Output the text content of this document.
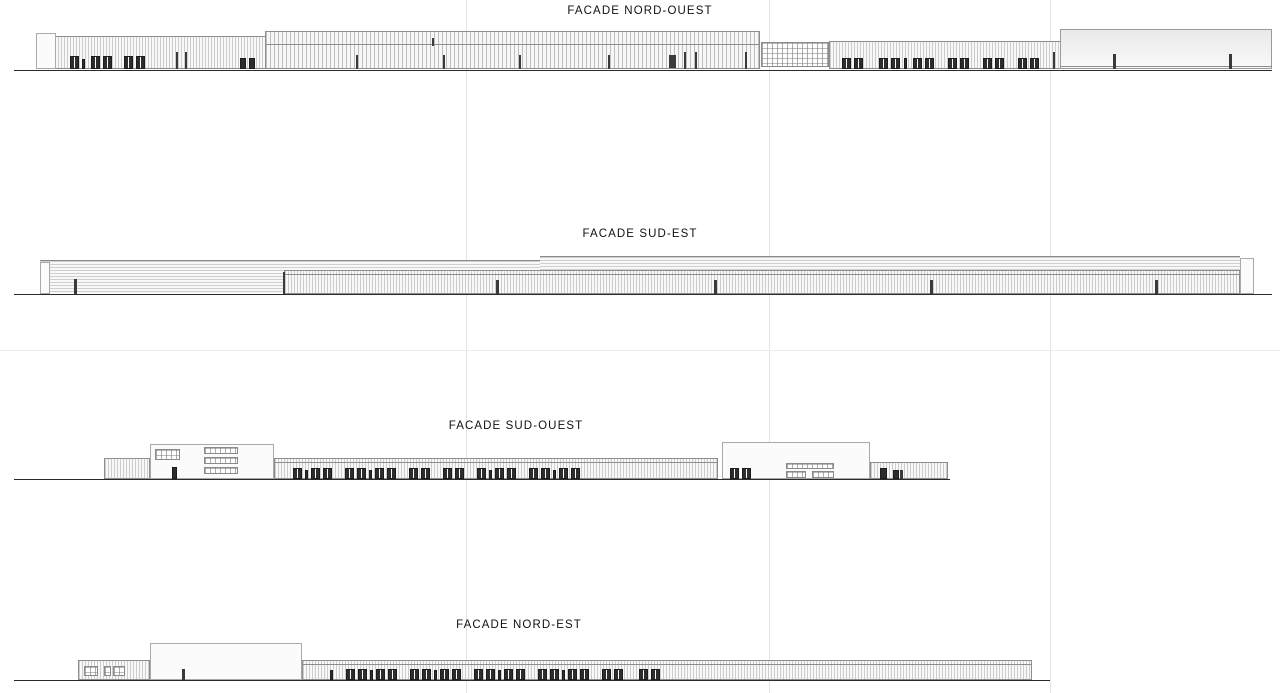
FACADE NORD-OUEST
FACADE SUD-EST
FACADE SUD-OUEST
FACADE NORD-EST
